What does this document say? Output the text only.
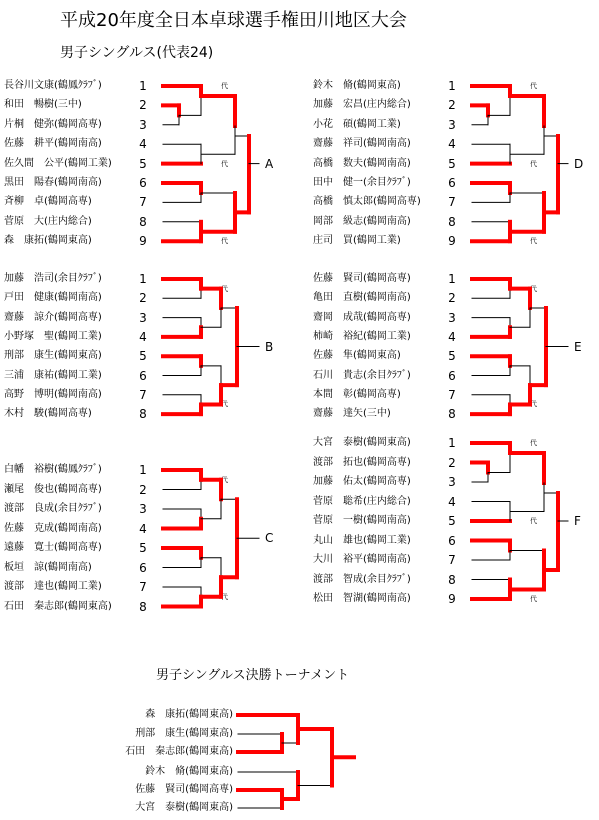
平成20年度全日本卓球選手権田川地区大会
男子シングルス(代表24)
男子シングルス決勝トーナメント
長谷川文康(鶴鳳ｸﾗﾌﾞ)	1
和田　暢樹(三中)	2
片桐　健弥(鶴岡高専)	3
佐藤　耕平(鶴岡南高)	4
佐久間　公平(鶴岡工業) 5
黒田　陽春(鶴岡南高)	6
斉柳　卓(鶴岡高専)	7
菅原　大(庄内総合)	8
森　康拓(鶴岡東高)	9
代
代
代
A
加藤　浩司(余目ｸﾗﾌﾞ)	1
戸田　健康(鶴岡南高)	2
齋藤　諒介(鶴岡高専)	3
小野塚　聖(鶴岡工業)	4
刑部　康生(鶴岡東高)	5
三浦　康祐(鶴岡工業)	6
高野　博明(鶴岡南高)	7
木村　駿(鶴岡高専)	8
代
代
B
白幡　裕樹(鶴鳳ｸﾗﾌﾞ)	1
瀬尾　俊也(鶴岡高専)	2
渡部　良成(余目ｸﾗﾌﾞ)	3
佐藤　克成(鶴岡南高)	4
遠藤　寛士(鶴岡高専)	5
板垣　諒(鶴岡南高)	6
渡部　達也(鶴岡工業)	7
石田　秦志郎(鶴岡東高) 8
代
代
C
鈴木　脩(鶴岡東高)	1
加藤　宏昌(庄内総合)	2
小花　碩(鶴岡工業)	3
齋藤　祥司(鶴岡南高)	4
高橋　数夫(鶴岡南高)	5
田中　健一(余目ｸﾗﾌﾞ)	6
高橋　慎太郎(鶴岡高専) 7
岡部　級志(鶴岡南高)	8
庄司　買(鶴岡工業)	9
代
代
代
D
佐藤　賢司(鶴岡高専)	1
亀田　直樹(鶴岡南高)	2
齋岡　成哉(鶴岡高専)	3
柿崎　裕紀(鶴岡工業)	4
佐藤　隼(鶴岡東高)	5
石川　貴志(余目ｸﾗﾌﾞ)	6
本間　彰(鶴岡高専)	7
齋藤　達矢(三中)	8
代
代
E
大宮　泰樹(鶴岡東高)	1
渡部　拓也(鶴岡高専)	2
加藤　佑太(鶴岡高専)	3
菅原　聡希(庄内総合)	4
菅原　一樹(鶴岡南高)	5
丸山　雄也(鶴岡工業)	6
大川　裕平(鶴岡南高)	7
渡部　智成(余目ｸﾗﾌﾞ)	8
松田　智湖(鶴岡南高)	9
代
代
代
F
森　康拓(鶴岡東高)
刑部　康生(鶴岡東高)
石田　秦志郎(鶴岡東高)
鈴木　脩(鶴岡東高)
佐藤　賢司(鶴岡高専)
大宮　泰樹(鶴岡東高)
